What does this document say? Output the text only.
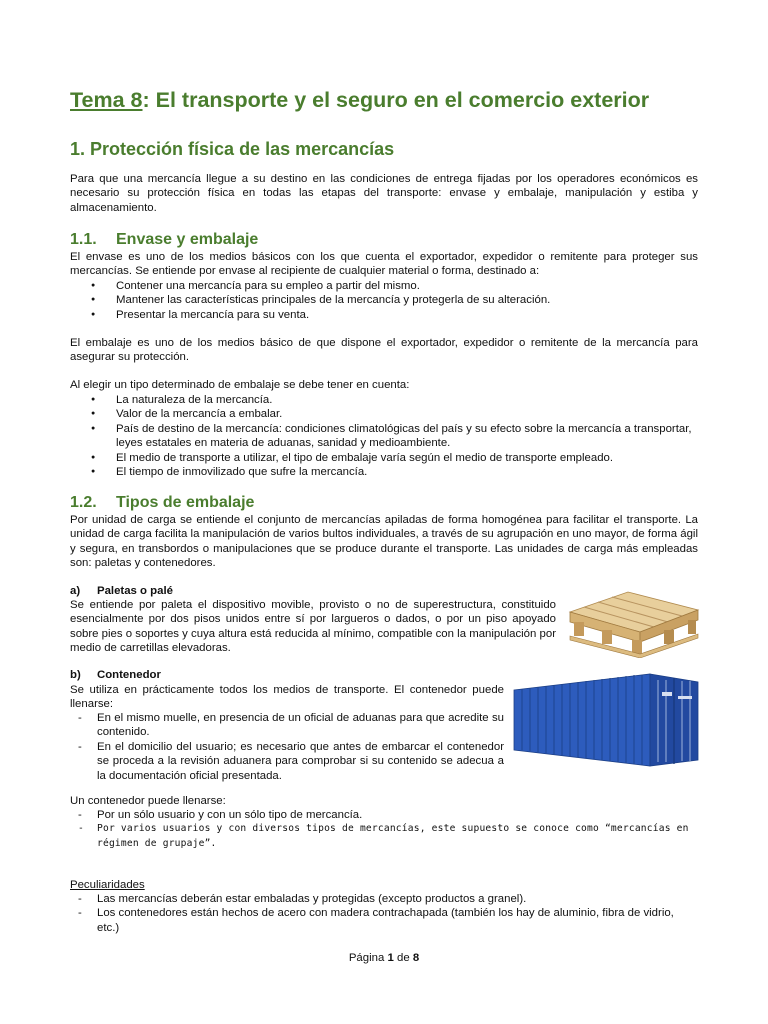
Tema 8: El transporte y el seguro en el comercio exterior
1. Protección física de las mercancías

Para que una mercancía llegue a su destino en las condiciones de entrega fijadas por los operadores económicos es necesario su protección física en todas las etapas del transporte: envase y embalaje, manipulación y estiba y almacenamiento.

1.1. Envase y embalaje

El envase es uno de los medios básicos con los que cuenta el exportador, expedidor o remitente para proteger sus mercancías. Se entiende por envase al recipiente de cualquier material o forma, destinado a:

● Contener una mercancía para su empleo a partir del mismo.
● Mantener las características principales de la mercancía y protegerla de su alteración.
● Presentar la mercancía para su venta.

El embalaje es uno de los medios básico de que dispone el exportador, expedidor o remitente de la mercancía para asegurar su protección.

Al elegir un tipo determinado de embalaje se debe tener en cuenta:

● La naturaleza de la mercancía.
● Valor de la mercancía a embalar.
● País de destino de la mercancía: condiciones climatológicas del país y su efecto sobre la mercancía a transportar, leyes estatales en materia de aduanas, sanidad y medioambiente.
● El medio de transporte a utilizar, el tipo de embalaje varía según el medio de transporte empleado.
● El tiempo de inmovilizado que sufre la mercancía.
1.2. Tipos de embalaje

Por unidad de carga se entiende el conjunto de mercancías apiladas de forma homogénea para facilitar el transporte. La unidad de carga facilita la manipulación de varios bultos individuales, a través de su agrupación en uno mayor, de forma ágil y segura, en transbordos o manipulaciones que se produce durante el transporte. Las unidades de carga más empleadas son: paletas y contenedores.

a) Paletas o palé

Se entiende por paleta el dispositivo movible, provisto o no de superestructura, constituido esencialmente por dos pisos unidos entre sí por largueros o dados, o por un piso apoyado sobre pies o soportes y cuya altura está reducida al mínimo, compatible con la manipulación por medio de carretillas elevadoras.

b) Contenedor

Se utiliza en prácticamente todos los medios de transporte. El contenedor puede llenarse:

- En el mismo muelle, en presencia de un oficial de aduanas para que acredite su contenido.
- En el domicilio del usuario; es necesario que antes de embarcar el contenedor se proceda a la revisión aduanera para comprobar si su contenido se adecua a la documentación oficial presentada.

Un contenedor puede llenarse:

- Por un sólo usuario y con un sólo tipo de mercancía.
- Por varios usuarios y con diversos tipos de mercancías, este supuesto se conoce como “mercancías en régimen de grupaje”.

Peculiaridades

- Las mercancías deberán estar embaladas y protegidas (excepto productos a granel).
- Los contenedores están hechos de acero con madera contrachapada (también los hay de aluminio, fibra de vidrio, etc.)
Página 1 de 8
